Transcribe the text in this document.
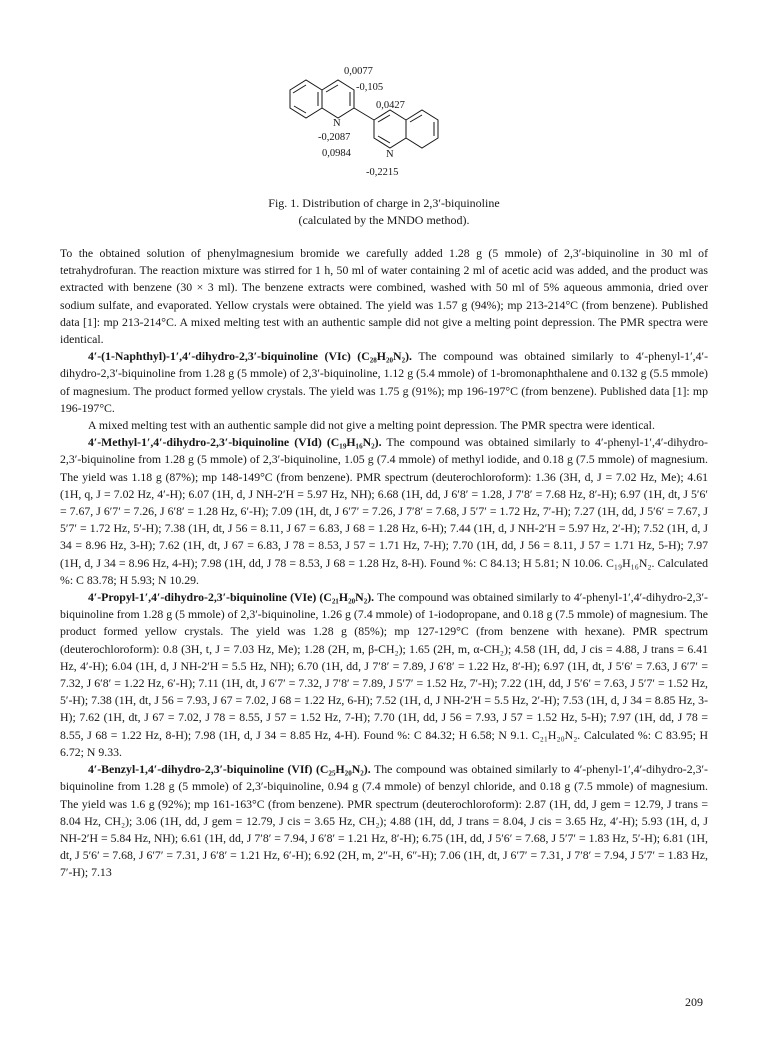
0,0077
-0,105
0,0427
N
-0,2087
0,0984	N
-0,2215
Fig. 1. Distribution of charge in 2,3′-biquinoline
(calculated by the MNDO method).

To the obtained solution of phenylmagnesium bromide we carefully added 1.28 g (5 mmole) of 2,3′-biquinoline in 30 ml of tetrahydrofuran. The reaction mixture was stirred for 1 h, 50 ml of water containing 2 ml of acetic acid was added, and the product was extracted with benzene (30 × 3 ml). The benzene extracts were combined, washed with 50 ml of 5% aqueous ammonia, dried over sodium sulfate, and evaporated. Yellow crystals were obtained. The yield was 1.57 g (94%); mp 213-214°C (from benzene). Published data [1]: mp 213-214°C. A mixed melting test with an authentic sample did not give a melting point depression. The PMR spectra were identical.

4′-(1-Naphthyl)-1′,4′-dihydro-2,3′-biquinoline (VIc) (C₂₈H₂₀N₂). The compound was obtained similarly to 4′-phenyl-1′,4′-dihydro-2,3′-biquinoline from 1.28 g (5 mmole) of 2,3′-biquinoline, 1.12 g (5.4 mmole) of 1-bromonaphthalene and 0.132 g (5.5 mmole) of magnesium. The product formed yellow crystals. The yield was 1.75 g (91%); mp 196-197°C (from benzene). Published data [1]: mp 196-197°C.

A mixed melting test with an authentic sample did not give a melting point depression. The PMR spectra were identical.

4′-Methyl-1′,4′-dihydro-2,3′-biquinoline (VId) (C₁₉H₁₆N₂). The compound was obtained similarly to 4′-phenyl-1′,4′-dihydro-2,3′-biquinoline from 1.28 g (5 mmole) of 2,3′-biquinoline, 1.05 g (7.4 mmole) of methyl iodide, and 0.18 g (7.5 mmole) of magnesium. The yield was 1.18 g (87%); mp 148-149°C (from benzene). PMR spectrum (deuterochloroform): 1.36 (3H, d, J = 7.02 Hz, Me); 4.61 (1H, q, J = 7.02 Hz, 4′-H); 6.07 (1H, d, J NH-2′H = 5.97 Hz, NH); 6.68 (1H, dd, J 6′8′ = 1.28, J 7′8′ = 7.68 Hz, 8′-H); 6.97 (1H, dt, J 5′6′ = 7.67, J 6′7′ = 7.26, J 6′8′ = 1.28 Hz, 6′-H); 7.09 (1H, dt, J 6′7′ = 7.26, J 7′8′ = 7.68, J 5′7′ = 1.72 Hz, 7′-H); 7.27 (1H, dd, J 5′6′ = 7.67, J 5′7′ = 1.72 Hz, 5′-H); 7.38 (1H, dt, J 56 = 8.11, J 67 = 6.83, J 68 = 1.28 Hz, 6-H); 7.44 (1H, d, J NH-2′H = 5.97 Hz, 2′-H); 7.52 (1H, d, J 34 = 8.96 Hz, 3-H); 7.62 (1H, dt, J 67 = 6.83, J 78 = 8.53, J 57 = 1.71 Hz, 7-H); 7.70 (1H, dd, J 56 = 8.11, J 57 = 1.71 Hz, 5-H); 7.97 (1H, d, J 34 = 8.96 Hz, 4-H); 7.98 (1H, dd, J 78 = 8.53, J 68 = 1.28 Hz, 8-H). Found %: C 84.13; H 5.81; N 10.06. C₁₉H₁₆N₂. Calculated %: C 83.78; H 5.93; N 10.29.

4′-Propyl-1′,4′-dihydro-2,3′-biquinoline (VIe) (C₂₁H₂₀N₂). The compound was obtained similarly to 4′-phenyl-1′,4′-dihydro-2,3′-biquinoline from 1.28 g (5 mmole) of 2,3′-biquinoline, 1.26 g (7.4 mmole) of 1-iodopropane, and 0.18 g (7.5 mmole) of magnesium. The product formed yellow crystals. The yield was 1.28 g (85%); mp 127-129°C (from benzene with hexane). PMR spectrum (deuterochloroform): 0.8 (3H, t, J = 7.03 Hz, Me); 1.28 (2H, m, β-CH₂); 1.65 (2H, m, α-CH₂); 4.58 (1H, dd, J cis = 4.88, J trans = 6.41 Hz, 4′-H); 6.04 (1H, d, J NH-2′H = 5.5 Hz, NH); 6.70 (1H, dd, J 7′8′ = 7.89, J 6′8′ = 1.22 Hz, 8′-H); 6.97 (1H, dt, J 5′6′ = 7.63, J 6′7′ = 7.32, J 6′8′ = 1.22 Hz, 6′-H); 7.11 (1H, dt, J 6′7′ = 7.32, J 7′8′ = 7.89, J 5′7′ = 1.52 Hz, 7′-H); 7.22 (1H, dd, J 5′6′ = 7.63, J 5′7′ = 1.52 Hz, 5′-H); 7.38 (1H, dt, J 56 = 7.93, J 67 = 7.02, J 68 = 1.22 Hz, 6-H); 7.52 (1H, d, J NH-2′H = 5.5 Hz, 2′-H); 7.53 (1H, d, J 34 = 8.85 Hz, 3-H); 7.62 (1H, dt, J 67 = 7.02, J 78 = 8.55, J 57 = 1.52 Hz, 7-H); 7.70 (1H, dd, J 56 = 7.93, J 57 = 1.52 Hz, 5-H); 7.97 (1H, dd, J 78 = 8.55, J 68 = 1.22 Hz, 8-H); 7.98 (1H, d, J 34 = 8.85 Hz, 4-H). Found %: C 84.32; H 6.58; N 9.1. C₂₁H₂₀N₂. Calculated %: C 83.95; H 6.72; N 9.33.

4′-Benzyl-1,4′-dihydro-2,3′-biquinoline (VIf) (C₂₅H₂₀N₂). The compound was obtained similarly to 4′-phenyl-1′,4′-dihydro-2,3′-biquinoline from 1.28 g (5 mmole) of 2,3′-biquinoline, 0.94 g (7.4 mmole) of benzyl chloride, and 0.18 g (7.5 mmole) of magnesium. The yield was 1.6 g (92%); mp 161-163°C (from benzene). PMR spectrum (deuterochloroform): 2.87 (1H, dd, J gem = 12.79, J trans = 8.04 Hz, CH₂); 3.06 (1H, dd, J gem = 12.79, J cis = 3.65 Hz, CH₂); 4.88 (1H, dd, J trans = 8.04, J cis = 3.65 Hz, 4′-H); 5.93 (1H, d, J NH-2′H = 5.84 Hz, NH); 6.61 (1H, dd, J 7′8′ = 7.94, J 6′8′ = 1.21 Hz, 8′-H); 6.75 (1H, dd, J 5′6′ = 7.68, J 5′7′ = 1.83 Hz, 5′-H); 6.81 (1H, dt, J 5′6′ = 7.68, J 6′7′ = 7.31, J 6′8′ = 1.21 Hz, 6′-H); 6.92 (2H, m, 2″-H, 6″-H); 7.06 (1H, dt, J 6′7′ = 7.31, J 7′8′ = 7.94, J 5′7′ = 1.83 Hz, 7′-H); 7.13

209
